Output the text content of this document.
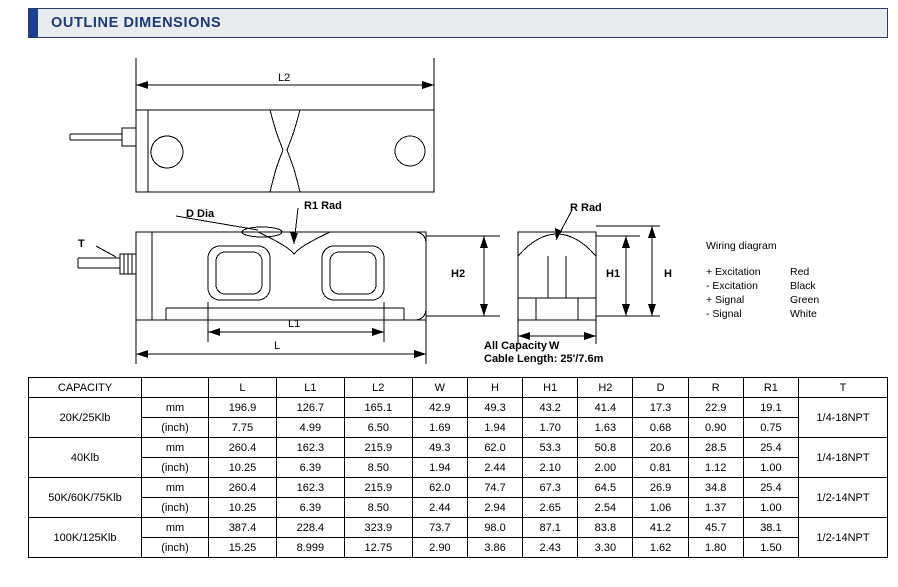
OUTLINE DIMENSIONS
L2
L1
L
R1 Rad	R Rad
D Dia
T
W
H
H1
H2
All Capacity
Cable Length: 25'/7.6m
Wiring diagram
+ Excitation	Red
- Excitation	Black
+ Signal	Green
- Signal	White
CAPACITY		L	L1	L2	W	H	H1	H2	D	R	R1	T
20K/25Klb	mm	196.9	126.7	165.1	42.9	49.3	43.2	41.4	17.3	22.9	19.1	1/4-18NPT
	(inch)	7.75	4.99	6.50	1.69	1.94	1.70	1.63	0.68	0.90	0.75	
40Klb	mm	260.4	162.3	215.9	49.3	62.0	53.3	50.8	20.6	28.5	25.4	1/4-18NPT
	(inch)	10.25	6.39	8.50	1.94	2.44	2.10	2.00	0.81	1.12	1.00	
50K/60K/75Klb	mm	260.4	162.3	215.9	62.0	74.7	67.3	64.5	26.9	34.8	25.4	1/2-14NPT
	(inch)	10.25	6.39	8.50	2.44	2.94	2.65	2.54	1.06	1.37	1.00	
100K/125Klb	mm	387.4	228.4	323.9	73.7	98.0	87.1	83.8	41.2	45.7	38.1	1/2-14NPT
	(inch)	15.25	8.999	12.75	2.90	3.86	2.43	3.30	1.62	1.80	1.50	
